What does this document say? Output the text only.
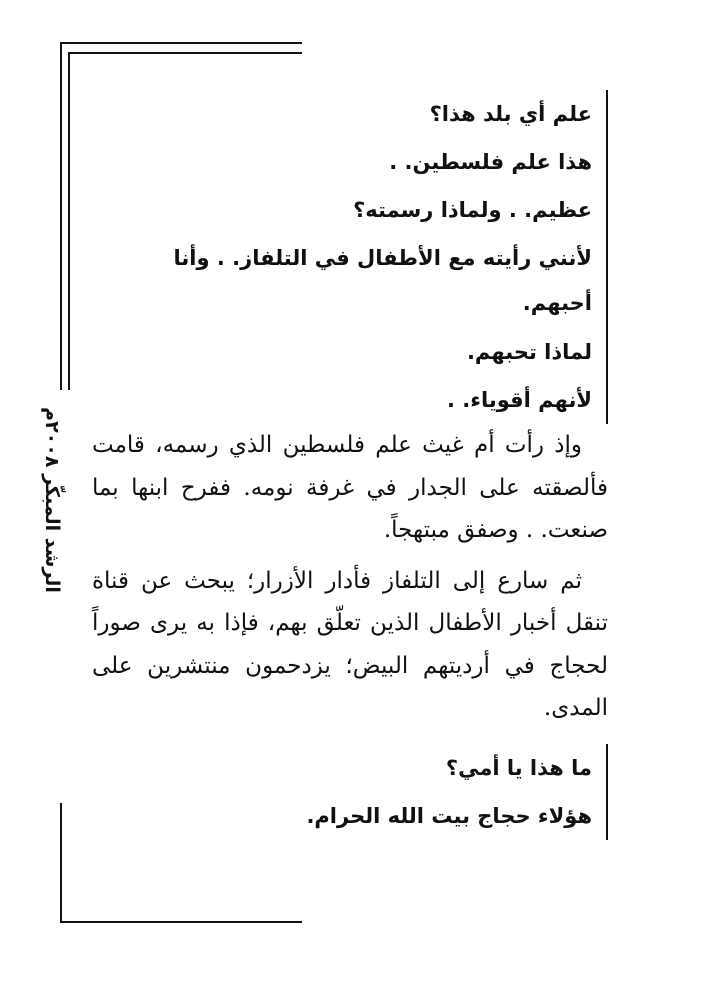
الرشد المبكّر ٢٠٠٨م
علم أي بلد هذا؟
هذا علم فلسطين. .
عظيم. . ولماذا رسمته؟
لأنني رأيته مع الأطفال في التلفاز. . وأنا أحبهم.
لماذا تحبهم.
لأنهم أقوياء. .

وإذ رأت أم غيث علم فلسطين الذي رسمه، قامت فألصقته على الجدار في غرفة نومه. ففرح ابنها بما صنعت. . وصفق مبتهجاً.

ثم سارع إلى التلفاز فأدار الأزرار؛ يبحث عن قناة تنقل أخبار الأطفال الذين تعلّق بهم، فإذا به يرى صوراً لحجاج في أرديتهم البيض؛ يزدحمون منتشرين على المدى.

ما هذا يا أمي؟
هؤلاء حجاج بيت الله الحرام.
